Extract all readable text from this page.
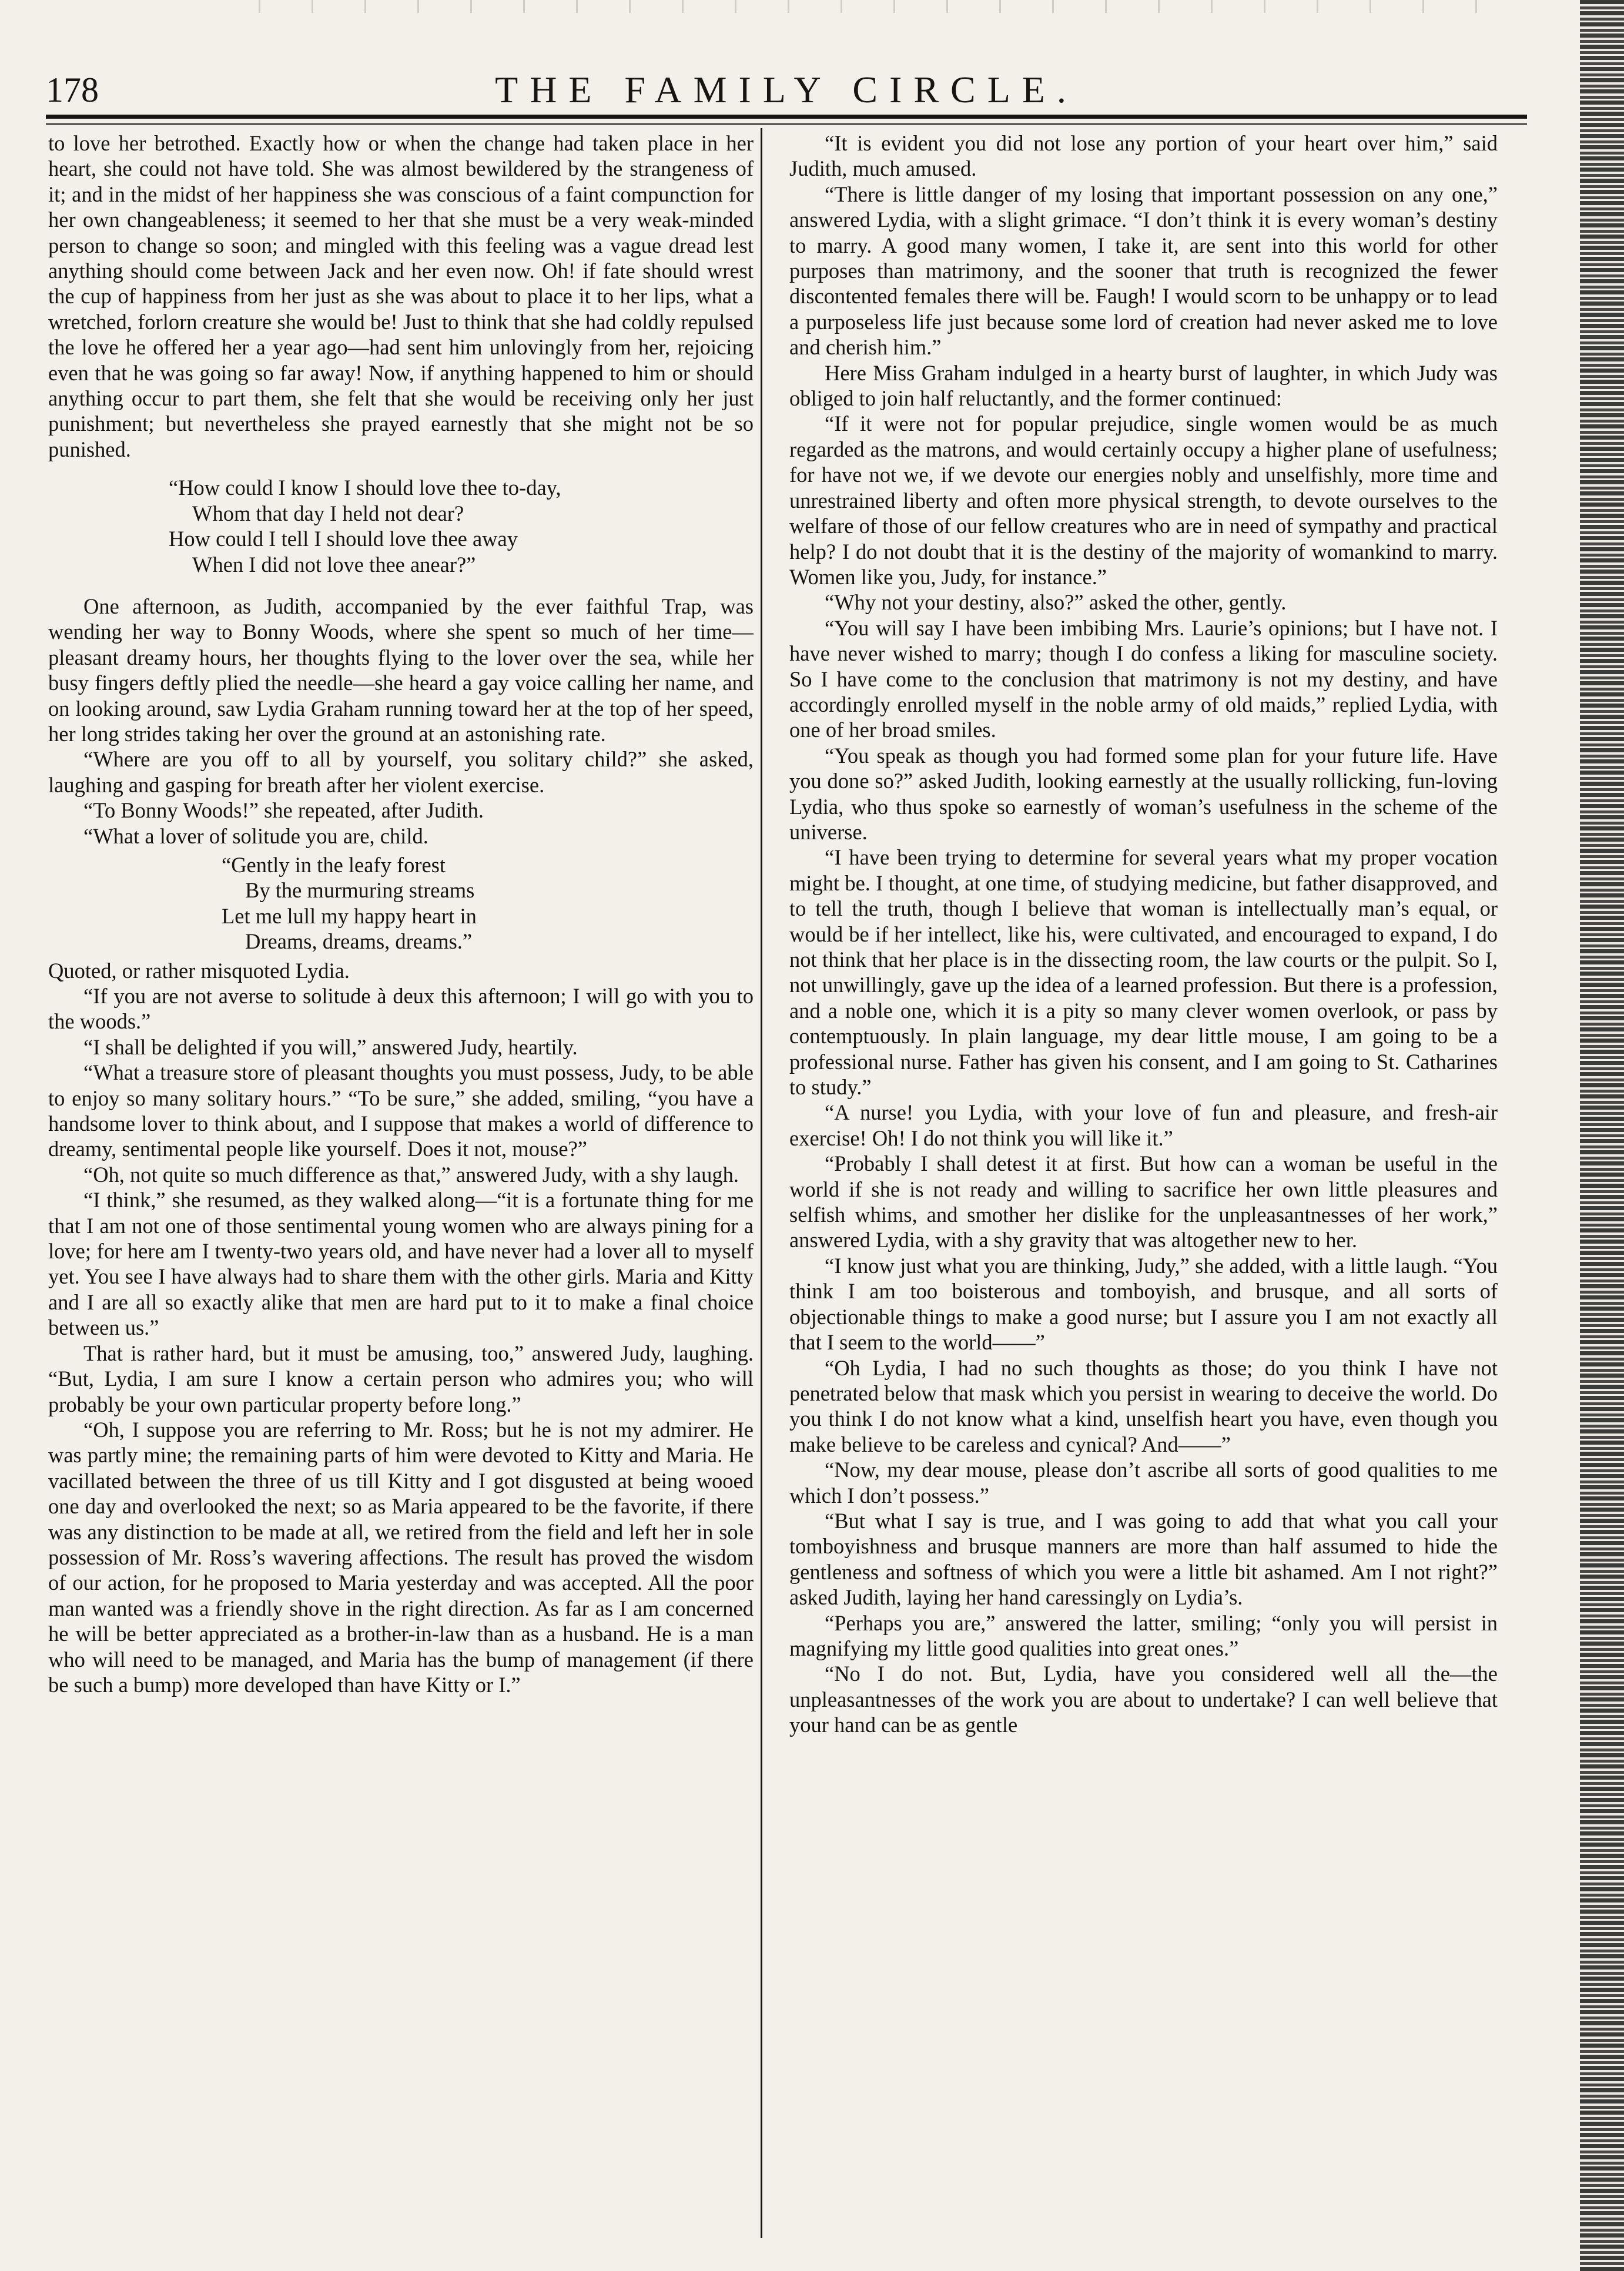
178	THE FAMILY CIRCLE.

to love her betrothed. Exactly how or when the change had taken place in her heart, she could not have told. She was almost bewildered by the strangeness of it; and in the midst of her happiness she was conscious of a faint compunction for her own changeableness; it seemed to her that she must be a very weak-minded person to change so soon; and mingled with this feeling was a vague dread lest anything should come between Jack and her even now. Oh! if fate should wrest the cup of happiness from her just as she was about to place it to her lips, what a wretched, forlorn creature she would be! Just to think that she had coldly repulsed the love he offered her a year ago—had sent him unlovingly from her, rejoicing even that he was going so far away! Now, if anything happened to him or should anything occur to part them, she felt that she would be receiving only her just punishment; but nevertheless she prayed earnestly that she might not be so punished.

“How could I know I should love thee to-day,
Whom that day I held not dear?
How could I tell I should love thee away
When I did not love thee anear?”

One afternoon, as Judith, accompanied by the ever faithful Trap, was wending her way to Bonny Woods, where she spent so much of her time—pleasant dreamy hours, her thoughts flying to the lover over the sea, while her busy fingers deftly plied the needle—she heard a gay voice calling her name, and on looking around, saw Lydia Graham running toward her at the top of her speed, her long strides taking her over the ground at an astonishing rate.

“Where are you off to all by yourself, you solitary child?” she asked, laughing and gasping for breath after her violent exercise.

“To Bonny Woods!” she repeated, after Judith.

“What a lover of solitude you are, child.

“Gently in the leafy forest
By the murmuring streams
Let me lull my happy heart in
Dreams, dreams, dreams.”

Quoted, or rather misquoted Lydia.

“If you are not averse to solitude à deux this afternoon; I will go with you to the woods.”

“I shall be delighted if you will,” answered Judy, heartily.

“What a treasure store of pleasant thoughts you must possess, Judy, to be able to enjoy so many solitary hours.” “To be sure,” she added, smiling, “you have a handsome lover to think about, and I suppose that makes a world of difference to dreamy, sentimental people like yourself. Does it not, mouse?”

“Oh, not quite so much difference as that,” answered Judy, with a shy laugh.

“I think,” she resumed, as they walked along—“it is a fortunate thing for me that I am not one of those sentimental young women who are always pining for a love; for here am I twenty-two years old, and have never had a lover all to myself yet. You see I have always had to share them with the other girls. Maria and Kitty and I are all so exactly alike that men are hard put to it to make a final choice between us.”

That is rather hard, but it must be amusing, too,” answered Judy, laughing. “But, Lydia, I am sure I know a certain person who admires you; who will probably be your own particular property before long.”

“Oh, I suppose you are referring to Mr. Ross; but he is not my admirer. He was partly mine; the remaining parts of him were devoted to Kitty and Maria. He vacillated between the three of us till Kitty and I got disgusted at being wooed one day and overlooked the next; so as Maria appeared to be the favorite, if there was any distinction to be made at all, we retired from the field and left her in sole possession of Mr. Ross’s wavering affections. The result has proved the wisdom of our action, for he proposed to Maria yesterday and was accepted. All the poor man wanted was a friendly shove in the right direction. As far as I am concerned he will be better appreciated as a brother-in-law than as a husband. He is a man who will need to be managed, and Maria has the bump of management (if there be such a bump) more developed than have Kitty or I.”

“It is evident you did not lose any portion of your heart over him,” said Judith, much amused.

“There is little danger of my losing that important possession on any one,” answered Lydia, with a slight grimace. “I don’t think it is every woman’s destiny to marry. A good many women, I take it, are sent into this world for other purposes than matrimony, and the sooner that truth is recognized the fewer discontented females there will be. Faugh! I would scorn to be unhappy or to lead a purposeless life just because some lord of creation had never asked me to love and cherish him.”

Here Miss Graham indulged in a hearty burst of laughter, in which Judy was obliged to join half reluctantly, and the former continued:

“If it were not for popular prejudice, single women would be as much regarded as the matrons, and would certainly occupy a higher plane of usefulness; for have not we, if we devote our energies nobly and unselfishly, more time and unrestrained liberty and often more physical strength, to devote ourselves to the welfare of those of our fellow creatures who are in need of sympathy and practical help? I do not doubt that it is the destiny of the majority of womankind to marry. Women like you, Judy, for instance.”

“Why not your destiny, also?” asked the other, gently.

“You will say I have been imbibing Mrs. Laurie’s opinions; but I have not. I have never wished to marry; though I do confess a liking for masculine society. So I have come to the conclusion that matrimony is not my destiny, and have accordingly enrolled myself in the noble army of old maids,” replied Lydia, with one of her broad smiles.

“You speak as though you had formed some plan for your future life. Have you done so?” asked Judith, looking earnestly at the usually rollicking, fun-loving Lydia, who thus spoke so earnestly of woman’s usefulness in the scheme of the universe.

“I have been trying to determine for several years what my proper vocation might be. I thought, at one time, of studying medicine, but father disapproved, and to tell the truth, though I believe that woman is intellectually man’s equal, or would be if her intellect, like his, were cultivated, and encouraged to expand, I do not think that her place is in the dissecting room, the law courts or the pulpit. So I, not unwillingly, gave up the idea of a learned profession. But there is a profession, and a noble one, which it is a pity so many clever women overlook, or pass by contemptuously. In plain language, my dear little mouse, I am going to be a professional nurse. Father has given his consent, and I am going to St. Catharines to study.”

“A nurse! you Lydia, with your love of fun and pleasure, and fresh-air exercise! Oh! I do not think you will like it.”

“Probably I shall detest it at first. But how can a woman be useful in the world if she is not ready and willing to sacrifice her own little pleasures and selfish whims, and smother her dislike for the unpleasantnesses of her work,” answered Lydia, with a shy gravity that was altogether new to her.

“I know just what you are thinking, Judy,” she added, with a little laugh. “You think I am too boisterous and tomboyish, and brusque, and all sorts of objectionable things to make a good nurse; but I assure you I am not exactly all that I seem to the world——”

“Oh Lydia, I had no such thoughts as those; do you think I have not penetrated below that mask which you persist in wearing to deceive the world. Do you think I do not know what a kind, unselfish heart you have, even though you make believe to be careless and cynical? And——”

“Now, my dear mouse, please don’t ascribe all sorts of good qualities to me which I don’t possess.”

“But what I say is true, and I was going to add that what you call your tomboyishness and brusque manners are more than half assumed to hide the gentleness and softness of which you were a little bit ashamed. Am I not right?” asked Judith, laying her hand caressingly on Lydia’s.

“Perhaps you are,” answered the latter, smiling; “only you will persist in magnifying my little good qualities into great ones.”

“No I do not. But, Lydia, have you considered well all the—the unpleasantnesses of the work you are about to undertake? I can well believe that your hand can be as gentle
